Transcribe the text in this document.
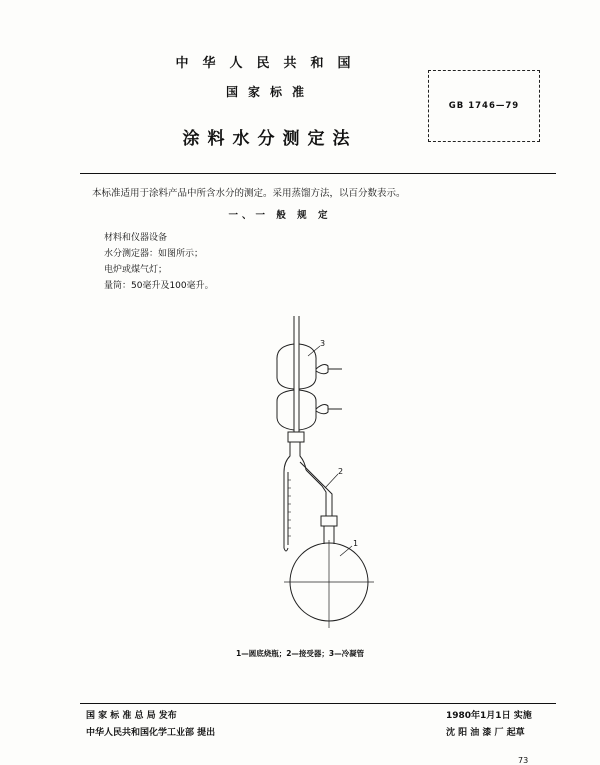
中华人民共和国
国家标准
涂料水分测定法
GB 1746—79
本标准适用于涂料产品中所含水分的测定。采用蒸馏方法，以百分数表示。
一、一 般 规 定
材料和仪器设备
水分测定器：如图所示；
电炉或煤气灯；
量筒：50毫升及100毫升。
3
2
1
1—圆底烧瓶；2—接受器；3—冷凝管
国 家 标 准 总 局 发布
中华人民共和国化学工业部 提出
1980年1月1日 实施
沈 阳 油 漆 厂 起草
73
